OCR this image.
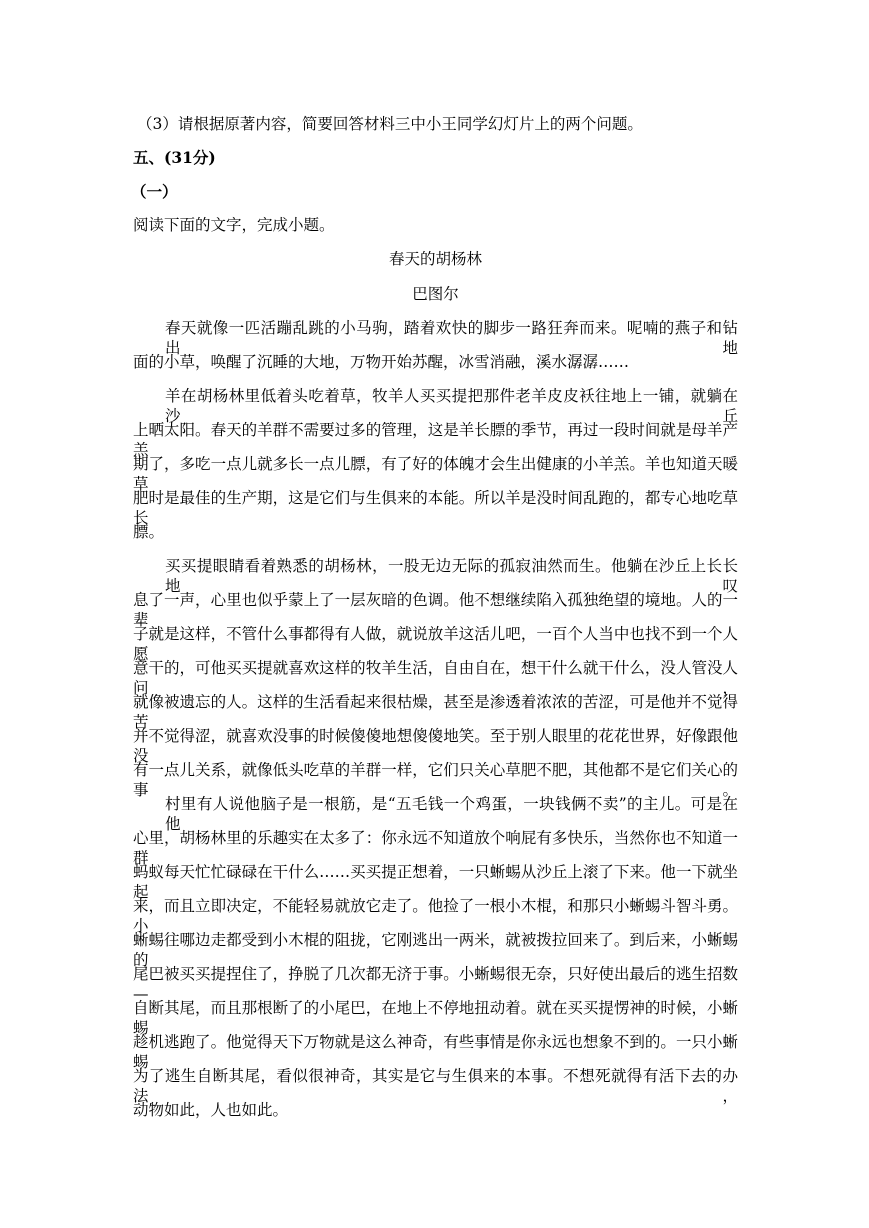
（3）请根据原著内容，简要回答材料三中小王同学幻灯片上的两个问题。
五、(31分)
（一）
阅读下面的文字，完成小题。
春天的胡杨林
巴图尔
春天就像一匹活蹦乱跳的小马驹，踏着欢快的脚步一路狂奔而来。呢喃的燕子和钻出地
面的小草，唤醒了沉睡的大地，万物开始苏醒，冰雪消融，溪水潺潺……
羊在胡杨林里低着头吃着草，牧羊人买买提把那件老羊皮皮袄往地上一铺，就躺在沙丘
上晒太阳。春天的羊群不需要过多的管理，这是羊长膘的季节，再过一段时间就是母羊产羔
期了，多吃一点儿就多长一点儿膘，有了好的体魄才会生出健康的小羊羔。羊也知道天暖草
肥时是最佳的生产期，这是它们与生俱来的本能。所以羊是没时间乱跑的，都专心地吃草长
膘。
买买提眼睛看着熟悉的胡杨林，一股无边无际的孤寂油然而生。他躺在沙丘上长长地叹
息了一声，心里也似乎蒙上了一层灰暗的色调。他不想继续陷入孤独绝望的境地。人的一辈
子就是这样，不管什么事都得有人做，就说放羊这活儿吧，一百个人当中也找不到一个人愿
意干的，可他买买提就喜欢这样的牧羊生活，自由自在，想干什么就干什么，没人管没人问，
就像被遗忘的人。这样的生活看起来很枯燥，甚至是渗透着浓浓的苦涩，可是他并不觉得苦
并不觉得涩，就喜欢没事的时候傻傻地想傻傻地笑。至于别人眼里的花花世界，好像跟他没
有一点儿关系，就像低头吃草的羊群一样，它们只关心草肥不肥，其他都不是它们关心的事。
村里有人说他脑子是一根筋，是“五毛钱一个鸡蛋，一块钱俩不卖”的主儿。可是在他
心里，胡杨林里的乐趣实在太多了：你永远不知道放个响屁有多快乐，当然你也不知道一群
蚂蚁每天忙忙碌碌在干什么……买买提正想着，一只蜥蜴从沙丘上滚了下来。他一下就坐起
来，而且立即决定，不能轻易就放它走了。他捡了一根小木棍，和那只小蜥蜴斗智斗勇。小
蜥蜴往哪边走都受到小木棍的阻拢，它刚逃出一两米，就被拨拉回来了。到后来，小蜥蜴的
尾巴被买买提捏住了，挣脱了几次都无济于事。小蜥蜴很无奈，只好使出最后的逃生招数—
自断其尾，而且那根断了的小尾巴，在地上不停地扭动着。就在买买提愣神的时候，小蜥蜴
趁机逃跑了。他觉得天下万物就是这么神奇，有些事情是你永远也想象不到的。一只小蜥蜴
为了逃生自断其尾，看似很神奇，其实是它与生俱来的本事。不想死就得有活下去的办法，
动物如此，人也如此。
